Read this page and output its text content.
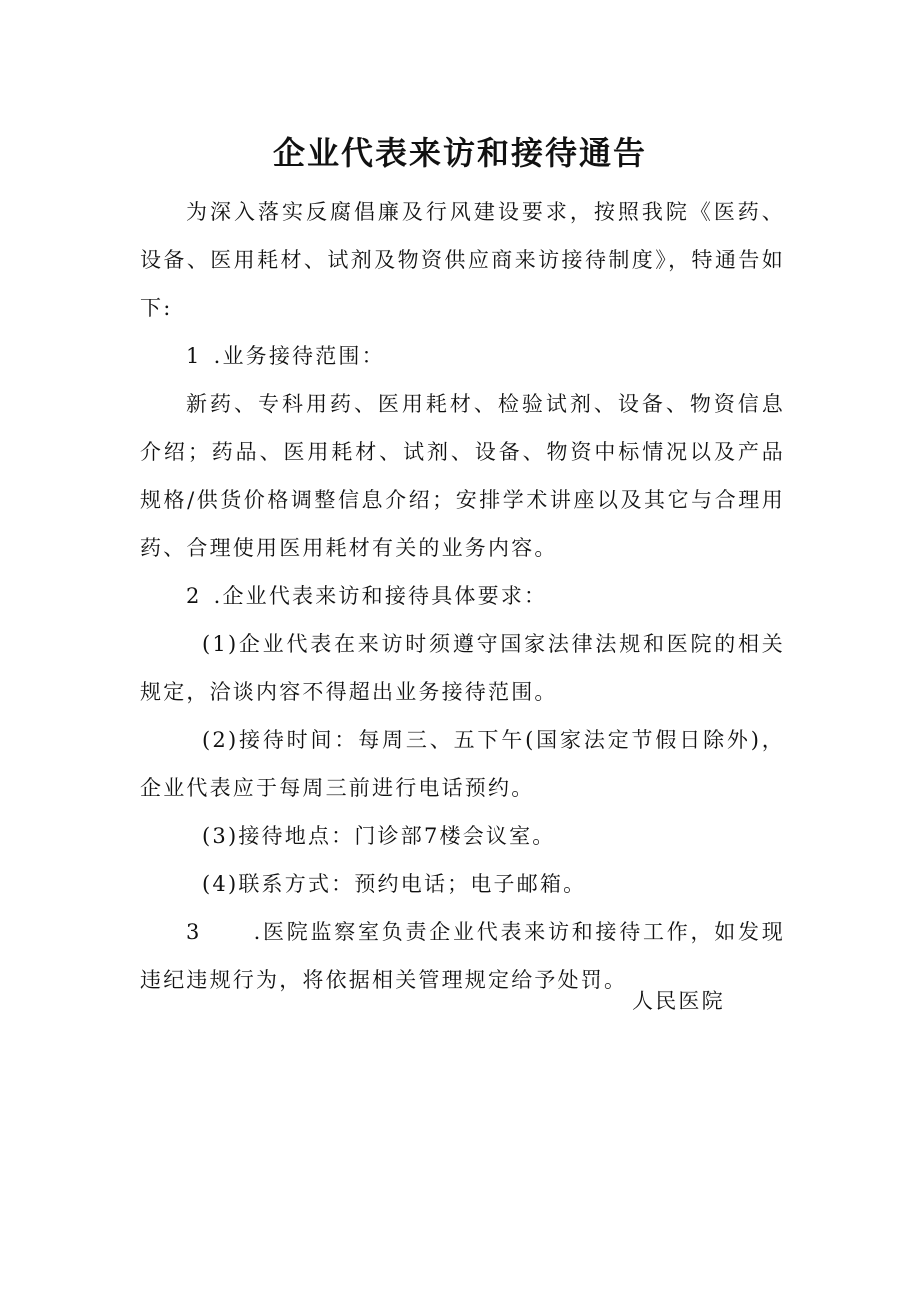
企业代表来访和接待通告

为深入落实反腐倡廉及行风建设要求，按照我院《医药、设备、医用耗材、试剂及物资供应商来访接待制度》，特通告如下:

1 .业务接待范围：

新药、专科用药、医用耗材、检验试剂、设备、物资信息介绍；药品、医用耗材、试剂、设备、物资中标情况以及产品规格/供货价格调整信息介绍；安排学术讲座以及其它与合理用药、合理使用医用耗材有关的业务内容。

2 .企业代表来访和接待具体要求：

(1)企业代表在来访时须遵守国家法律法规和医院的相关规定，洽谈内容不得超出业务接待范围。

(2)接待时间：每周三、五下午(国家法定节假日除外)，企业代表应于每周三前进行电话预约。

(3)接待地点：门诊部7楼会议室。

(4)联系方式：预约电话；电子邮箱。

3 .医院监察室负责企业代表来访和接待工作，如发现违纪违规行为，将依据相关管理规定给予处罚。

人民医院
